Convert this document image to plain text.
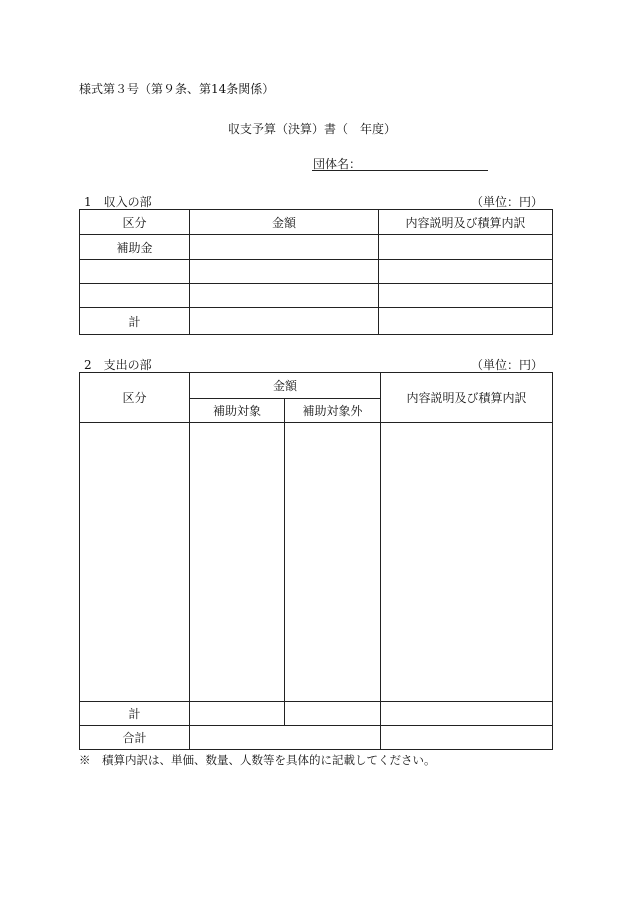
様式第３号（第９条、第14条関係）
収支予算（決算）書（　年度）
団体名：
1　収入の部	（単位：円）
区分	金額	内容説明及び積算内訳
補助金		

計		
2　支出の部	（単位：円）
区分	金額		内容説明及び積算内訳
	補助対象	補助対象外	

計			
合計			
※　積算内訳は、単価、数量、人数等を具体的に記載してください。
